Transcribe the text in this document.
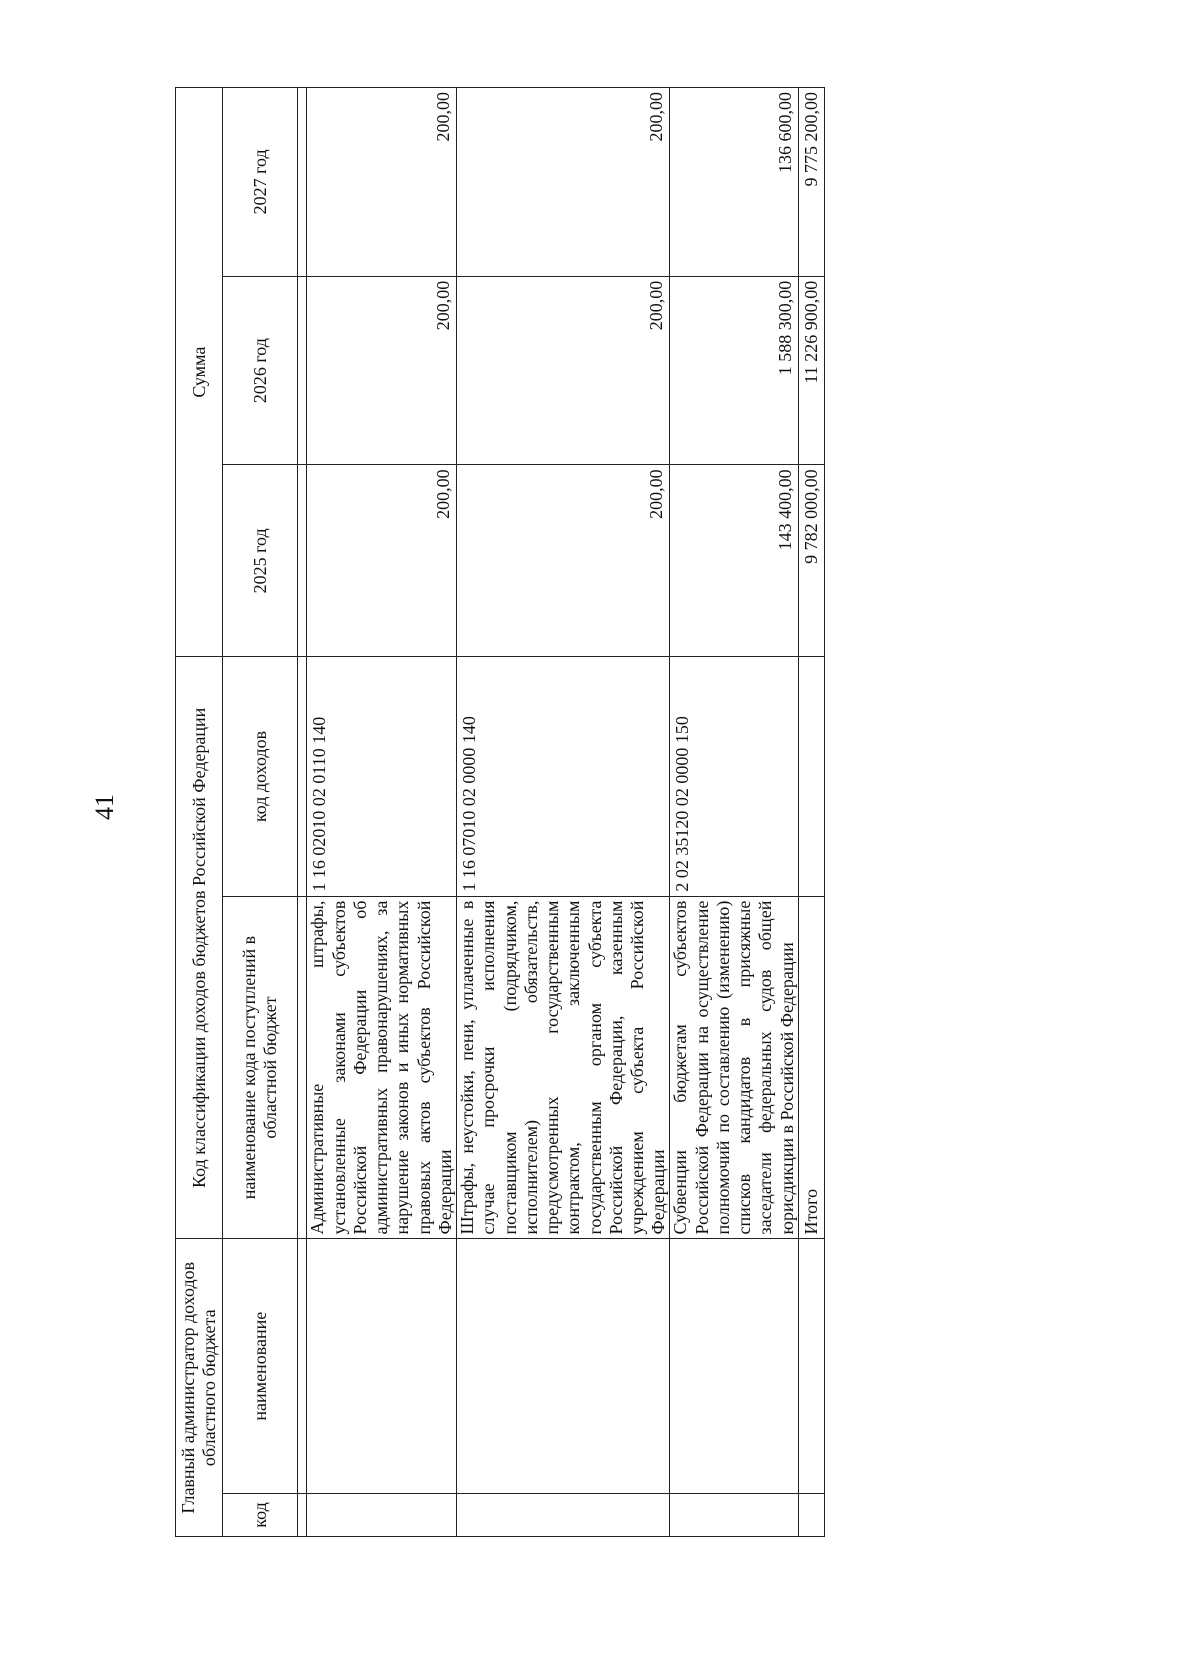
41
Главный администратор доходов областного бюджета		Код классификации доходов бюджетов Российской Федерации		Сумма		
код	наименование	наименование кода поступлений в областной бюджет	код доходов	2025 год	2026 год	2027 год

		Административные штрафы, установленные законами субъектов Российской Федерации об административных правонарушениях, за нарушение законов и иных нормативных правовых актов субъектов Российской Федерации	1 16 02010 02 0110 140	200,00	200,00	200,00
		Штрафы, неустойки, пени, уплаченные в случае просрочки исполнения поставщиком (подрядчиком, исполнителем) обязательств, предусмотренных государственным контрактом, заключенным государственным органом субъекта Российской Федерации, казенным учреждением субъекта Российской Федерации	1 16 07010 02 0000 140	200,00	200,00	200,00
		Субвенции бюджетам субъектов Российской Федерации на осуществление полномочий по составлению (изменению) списков кандидатов в присяжные заседатели федеральных судов общей юрисдикции в Российской Федерации	2 02 35120 02 0000 150	143 400,00	1 588 300,00	136 600,00
		Итого		9 782 000,00	11 226 900,00	9 775 200,00
